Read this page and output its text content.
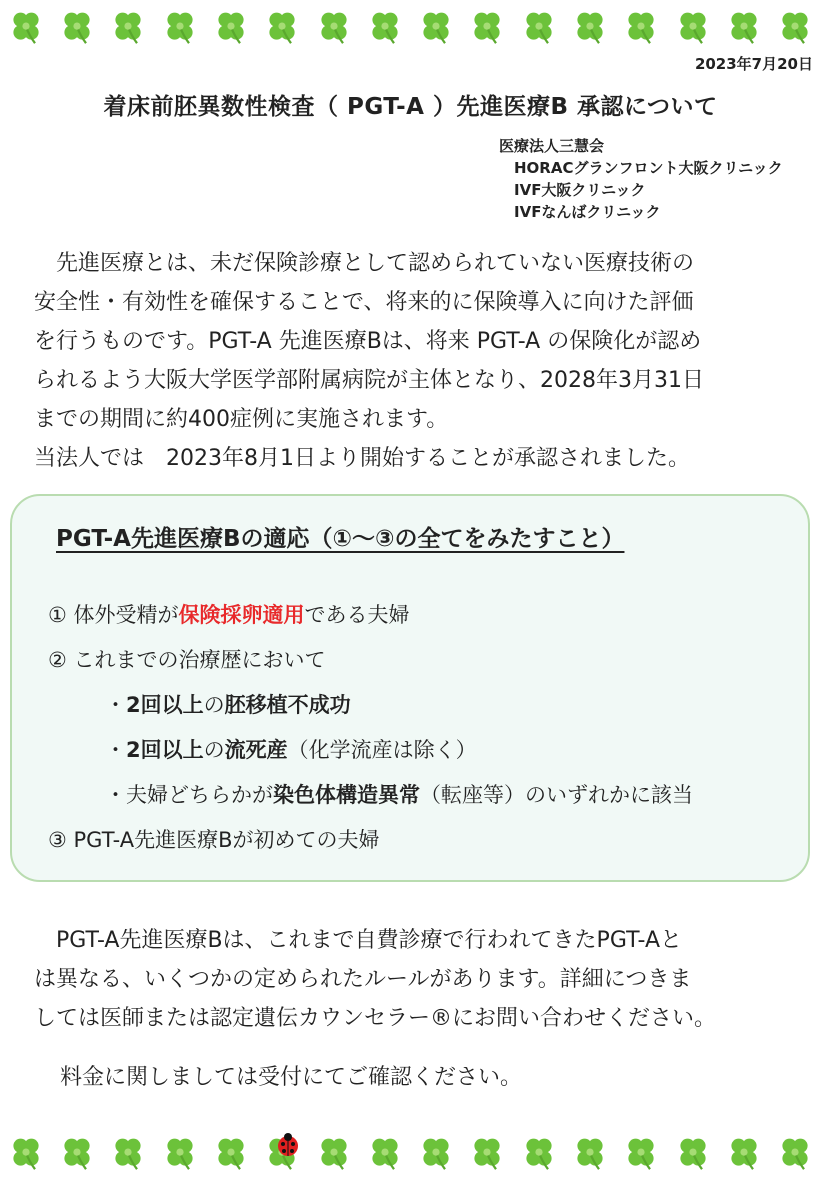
2023年7月20日
着床前胚異数性検査（ PGT-A ）先進医療B 承認について
医療法人三慧会
HORACグランフロント大阪クリニック
IVF大阪クリニック
IVFなんばクリニック
　先進医療とは、未だ保険診療として認められていない医療技術の
安全性・有効性を確保することで、将来的に保険導入に向けた評価
を行うものです。PGT-A 先進医療Bは、将来 PGT-A の保険化が認め
られるよう大阪大学医学部附属病院が主体となり、2028年3月31日
までの期間に約400症例に実施されます。
当法人では　2023年8月1日より開始することが承認されました。
PGT-A先進医療Bの適応（①～③の全てをみたすこと）
① 体外受精が保険採卵適用である夫婦
② これまでの治療歴において
・2回以上の胚移植不成功
・2回以上の流死産（化学流産は除く）
・夫婦どちらかが染色体構造異常（転座等）のいずれかに該当
③ PGT-A先進医療Bが初めての夫婦
　PGT-A先進医療Bは、これまで自費診療で行われてきたPGT-Aと
は異なる、いくつかの定められたルールがあります。詳細につきま
しては医師または認定遺伝カウンセラー®にお問い合わせください。
料金に関しましては受付にてご確認ください。
